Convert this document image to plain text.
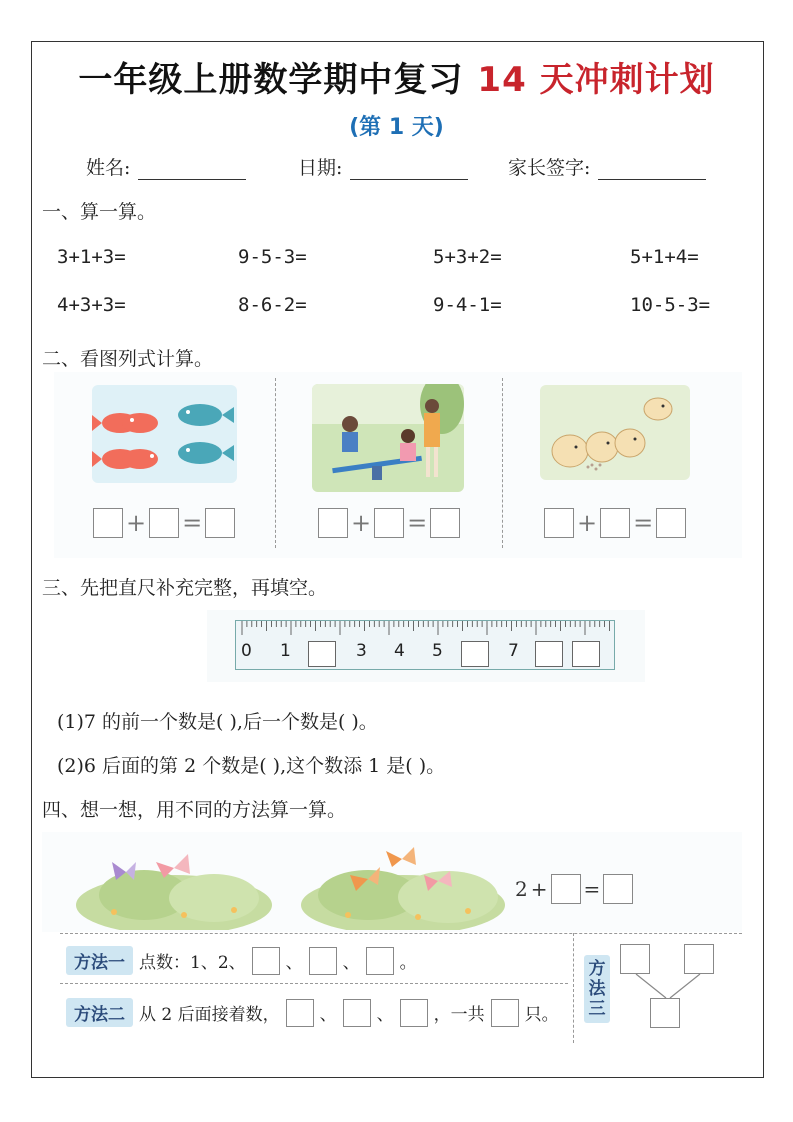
一年级上册数学期中复习 14 天冲刺计划
(第 1 天)
姓名:	日期:	家长签字:
一、算一算。
3+1+3=	9-5-3=	5+3+2=	5+1+4=
4+3+3=	8-6-2=	9-4-1=	10-5-3=
二、看图列式计算。
+ =	+ =	+ =
三、先把直尺补充完整，再填空。
0 1	3 4 5	7
(1)7 的前一个数是( ),后一个数是( )。
(2)6 后面的第 2 个数是( ),这个数添 1 是( )。
四、想一想，用不同的方法算一算。
2 + =
方法一 点数：1、2、 、 、 。
方法二 从 2 后面接着数， 、 、 ，一共 只。
方法三
